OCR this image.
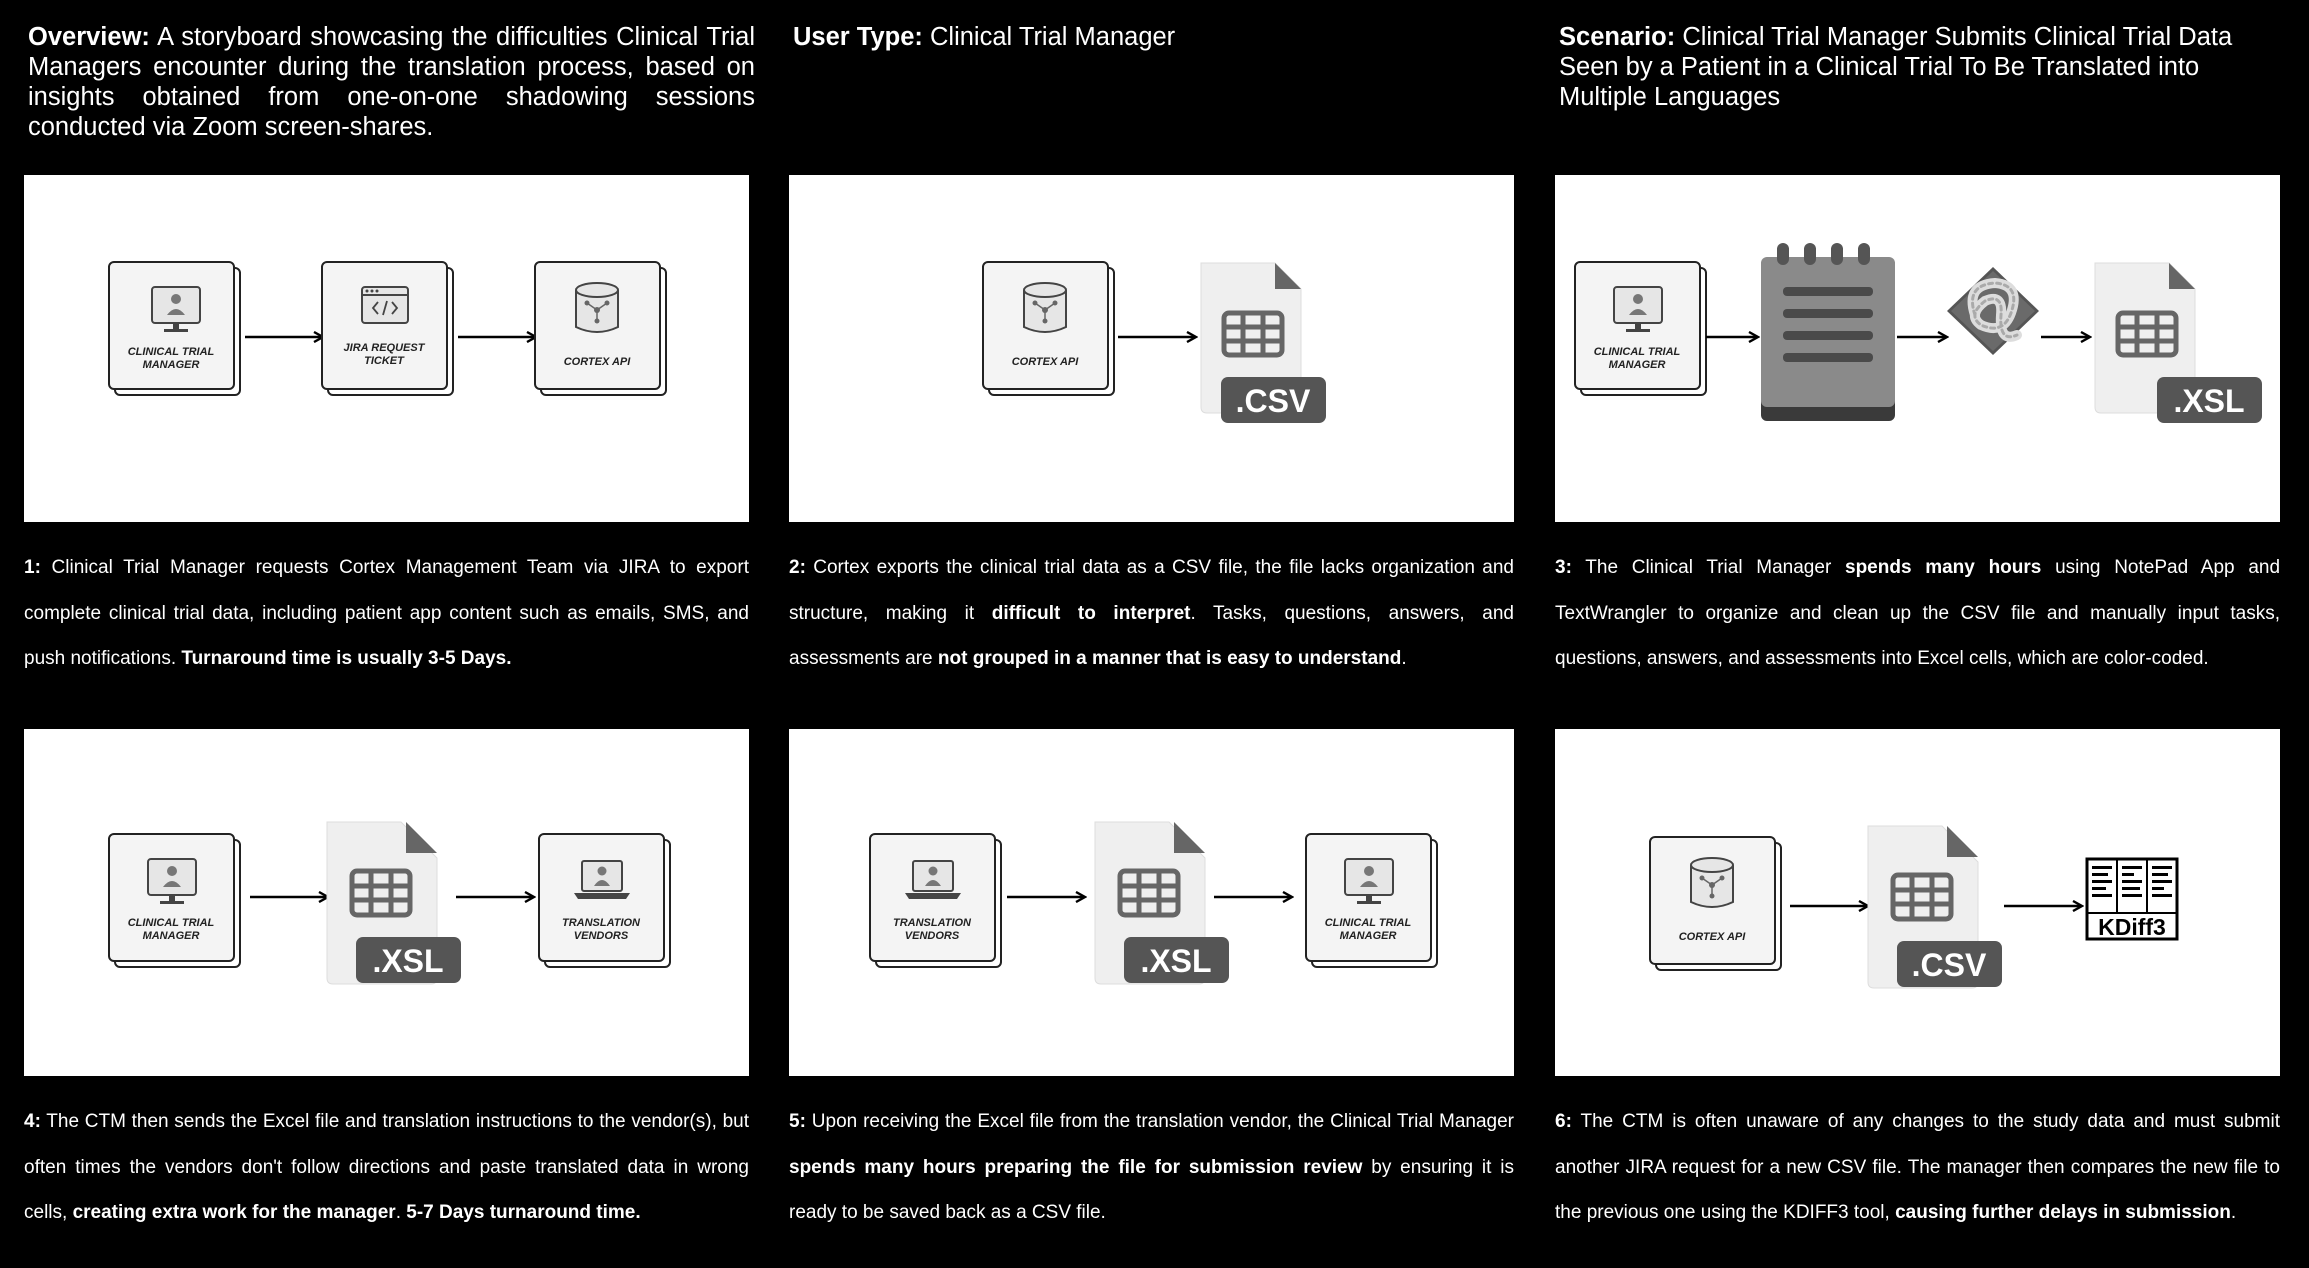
Overview: A storyboard showcasing the difficulties Clinical Trial Managers encounter during the translation process, based on insights obtained from one-on-one shadowing sessions conducted via Zoom screen-shares.
User Type: Clinical Trial Manager	Scenario: Clinical Trial Manager Submits Clinical Trial Data Seen by a Patient in a Clinical Trial To Be Translated into Multiple Languages
CLINICAL TRIAL
MANAGER
JIRA REQUEST
TICKET	CORTEX API
1: Clinical Trial Manager requests Cortex Management Team via JIRA to export complete clinical trial data, including patient app content such as emails, SMS, and push notifications. Turnaround time is usually 3-5 Days.
CORTEX API
.CSV
2: Cortex exports the clinical trial data as a CSV file, the file lacks organization and structure, making it difficult to interpret. Tasks, questions, answers, and assessments are not grouped in a manner that is easy to understand.
CLINICAL TRIAL
MANAGER
.XSL
3: The Clinical Trial Manager spends many hours using NotePad App and TextWrangler to organize and clean up the CSV file and manually input tasks, questions, answers, and assessments into Excel cells, which are color-coded.
CLINICAL TRIAL
MANAGER
.XSL
TRANSLATION
VENDORS
4: The CTM then sends the Excel file and translation instructions to the vendor(s), but often times the vendors don't follow directions and paste translated data in wrong cells, creating extra work for the manager. 5-7 Days turnaround time.
TRANSLATION
VENDORS
.XSL
CLINICAL TRIAL
MANAGER
5: Upon receiving the Excel file from the translation vendor, the Clinical Trial Manager spends many hours preparing the file for submission review by ensuring it is ready to be saved back as a CSV file.
CORTEX API
.CSV
KDiff3
6: The CTM is often unaware of any changes to the study data and must submit another JIRA request for a new CSV file. The manager then compares the new file to the previous one using the KDIFF3 tool, causing further delays in submission.
